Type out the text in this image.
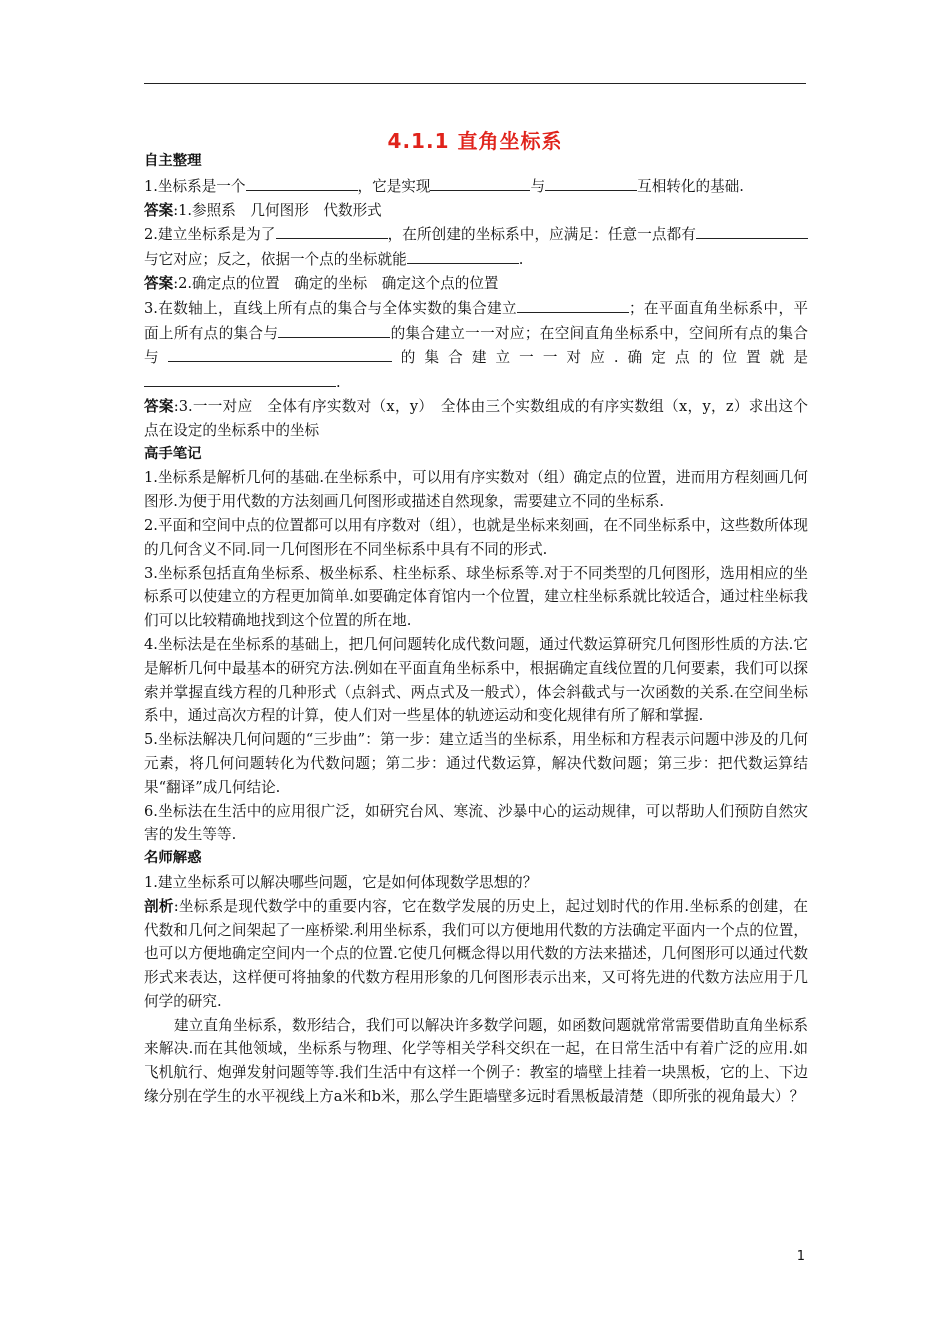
4.1.1 直角坐标系

自主整理

1.坐标系是一个	，它是实现	与	互相转化的基础.

答案:1.参照系　几何图形　代数形式

2.建立坐标系是为了	，在所创建的坐标系中，应满足：任意一点都有与它对应；反之，依据一个点的坐标就能	.

答案:2.确定点的位置　确定的坐标　确定这个点的位置

3.在数轴上，直线上所有点的集合与全体实数的集合建立	；在平面直角坐标系中，平面上所有点的集合与	的集合建立一一对应；在空间直角坐标系中，空间所有点的集合与	的集合建立一一对应.确定点的位置就是.

答案:3.一一对应　全体有序实数对（x，y）　全体由三个实数组成的有序实数组（x，y，z）求出这个点在设定的坐标系中的坐标

高手笔记

1.坐标系是解析几何的基础.在坐标系中，可以用有序实数对（组）确定点的位置，进而用方程刻画几何图形.为便于用代数的方法刻画几何图形或描述自然现象，需要建立不同的坐标系.

2.平面和空间中点的位置都可以用有序数对（组），也就是坐标来刻画，在不同坐标系中，这些数所体现的几何含义不同.同一几何图形在不同坐标系中具有不同的形式.

3.坐标系包括直角坐标系、极坐标系、柱坐标系、球坐标系等.对于不同类型的几何图形，选用相应的坐标系可以使建立的方程更加简单.如要确定体育馆内一个位置，建立柱坐标系就比较适合，通过柱坐标我们可以比较精确地找到这个位置的所在地.

4.坐标法是在坐标系的基础上，把几何问题转化成代数问题，通过代数运算研究几何图形性质的方法.它是解析几何中最基本的研究方法.例如在平面直角坐标系中，根据确定直线位置的几何要素，我们可以探索并掌握直线方程的几种形式（点斜式、两点式及一般式），体会斜截式与一次函数的关系.在空间坐标系中，通过高次方程的计算，使人们对一些星体的轨迹运动和变化规律有所了解和掌握.

5.坐标法解决几何问题的“三步曲”：第一步：建立适当的坐标系，用坐标和方程表示问题中涉及的几何元素，将几何问题转化为代数问题；第二步：通过代数运算，解决代数问题；第三步：把代数运算结果“翻译”成几何结论.

6.坐标法在生活中的应用很广泛，如研究台风、寒流、沙暴中心的运动规律，可以帮助人们预防自然灾害的发生等等.

名师解惑

1.建立坐标系可以解决哪些问题，它是如何体现数学思想的？

剖析:坐标系是现代数学中的重要内容，它在数学发展的历史上，起过划时代的作用.坐标系的创建，在代数和几何之间架起了一座桥梁.利用坐标系，我们可以方便地用代数的方法确定平面内一个点的位置，也可以方便地确定空间内一个点的位置.它使几何概念得以用代数的方法来描述，几何图形可以通过代数形式来表达，这样便可将抽象的代数方程用形象的几何图形表示出来，又可将先进的代数方法应用于几何学的研究.

建立直角坐标系，数形结合，我们可以解决许多数学问题，如函数问题就常常需要借助直角坐标系来解决.而在其他领域，坐标系与物理、化学等相关学科交织在一起，在日常生活中有着广泛的应用.如飞机航行、炮弹发射问题等等.我们生活中有这样一个例子：教室的墙壁上挂着一块黑板，它的上、下边缘分别在学生的水平视线上方a米和b米，那么学生距墙壁多远时看黑板最清楚（即所张的视角最大）？

1
